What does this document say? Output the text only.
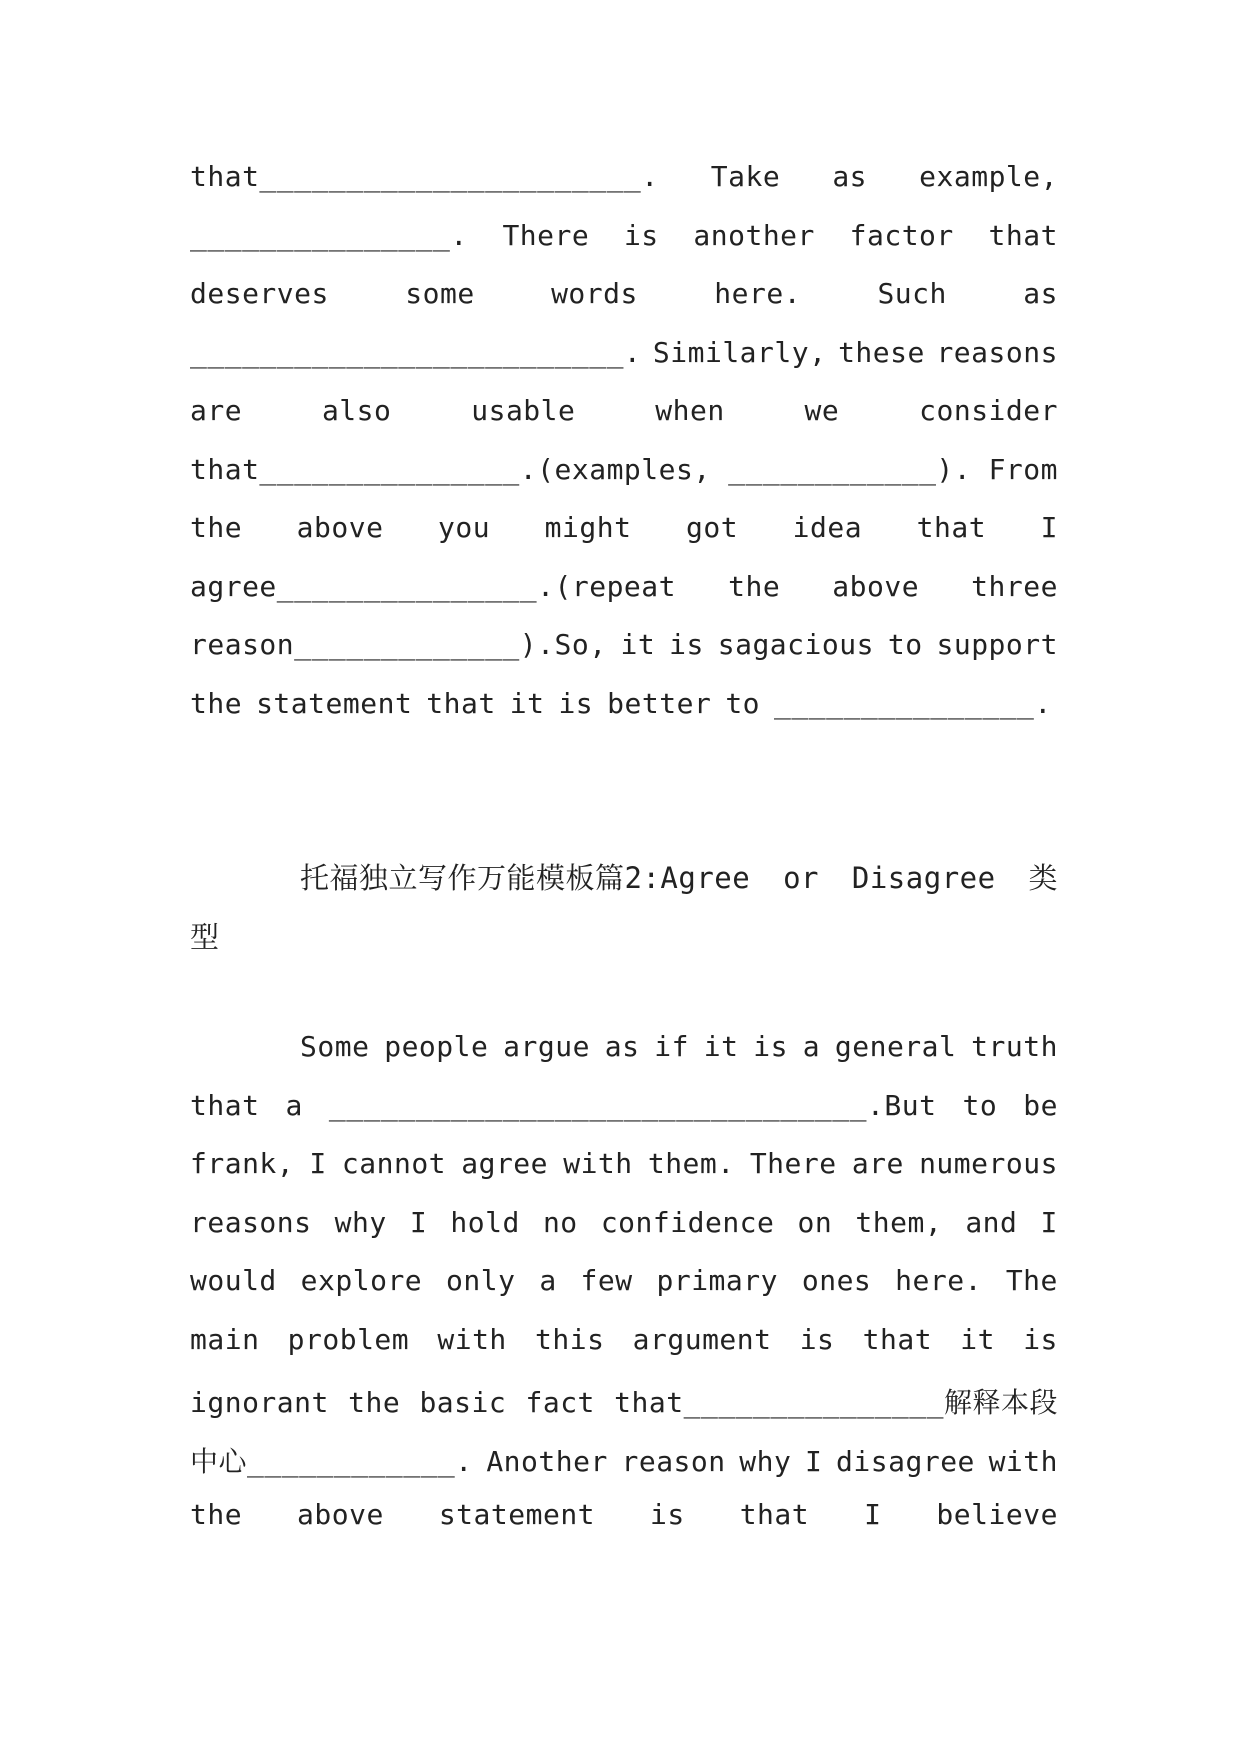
that______________________. Take as example,
_______________. There is another factor that
deserves	some	words	here.	Such	as
_________________________. Similarly, these reasons
are	also	usable	when	we	consider
that_______________.(examples, ____________). From
the above you might got idea that I
agree_______________.(repeat the above three
reason_____________).So, it is sagacious to support
the statement that it is better to _______________.
托福独立写作万能模板篇2:Agree or Disagree 类
型
Some people argue as if it is a general truth
that a _______________________________.But to be
frank, I cannot agree with them. There are numerous
reasons why I hold no confidence on them, and I
would explore only a few primary ones here. The
main problem with this argument is that it is
ignorant the basic fact that_______________解释本段
中心____________. Another reason why I disagree with
the above statement is that I believe
